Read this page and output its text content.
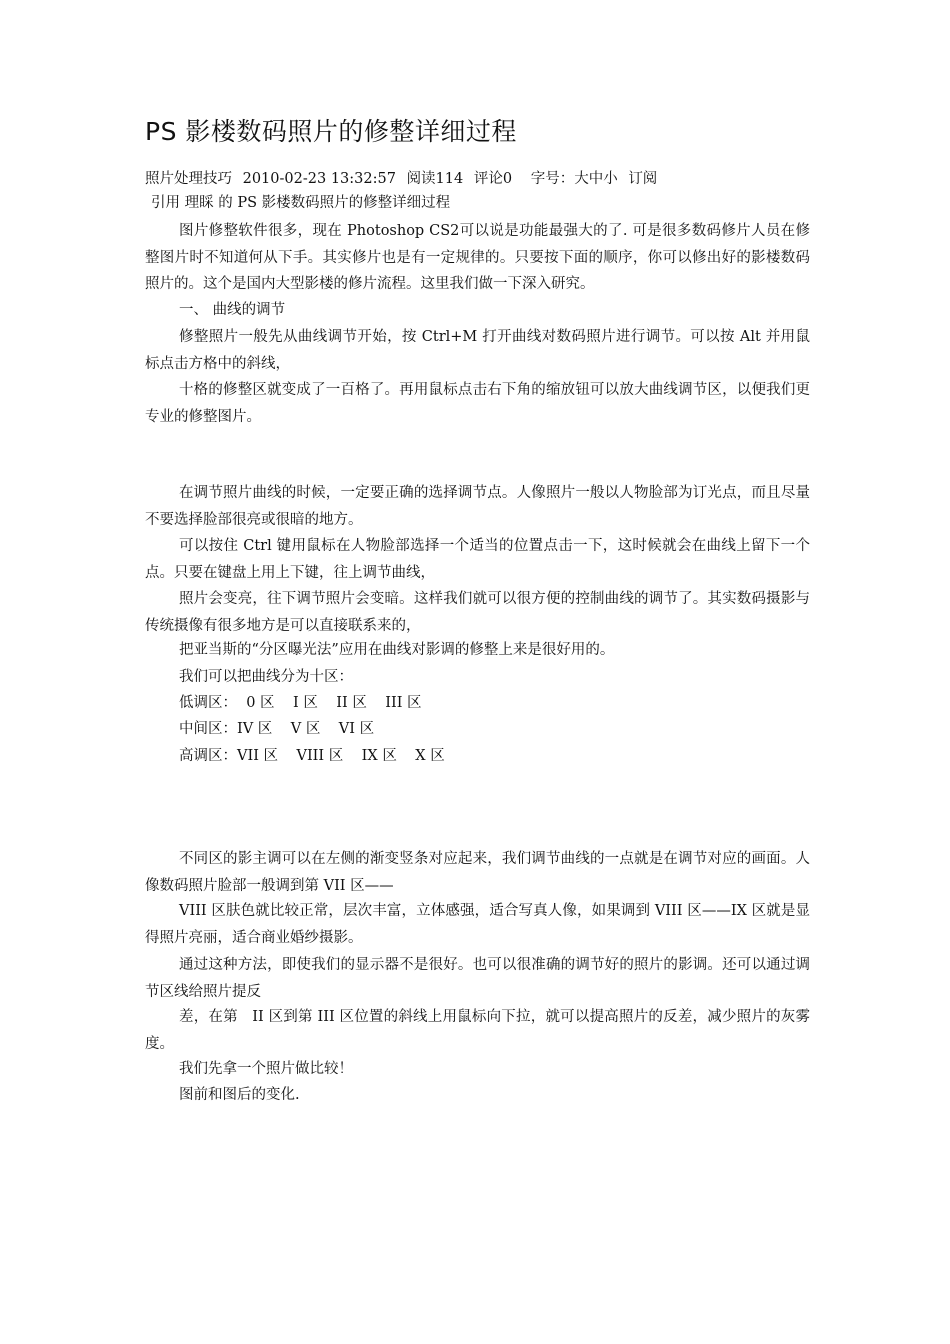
PS 影楼数码照片的修整详细过程
照片处理技巧 2010-02-23 13:32:57 阅读114 评论0 字号：大中小 订阅
引用 理睬 的 PS 影楼数码照片的修整详细过程

图片修整软件很多，现在 Photoshop CS2可以说是功能最强大的了. 可是很多数码修片人员在修整图片时不知道何从下手。其实修片也是有一定规律的。只要按下面的顺序，你可以修出好的影楼数码照片的。这个是国内大型影楼的修片流程。这里我们做一下深入研究。

一、 曲线的调节

修整照片一般先从曲线调节开始，按 Ctrl+M 打开曲线对数码照片进行调节。可以按 Alt 并用鼠标点击方格中的斜线，

十格的修整区就变成了一百格了。再用鼠标点击右下角的缩放钮可以放大曲线调节区，以便我们更专业的修整图片。

在调节照片曲线的时候，一定要正确的选择调节点。人像照片一般以人物脸部为订光点，而且尽量不要选择脸部很亮或很暗的地方。

可以按住 Ctrl 键用鼠标在人物脸部选择一个适当的位置点击一下，这时候就会在曲线上留下一个点。只要在键盘上用上下键，往上调节曲线，

照片会变亮，往下调节照片会变暗。这样我们就可以很方便的控制曲线的调节了。其实数码摄影与传统摄像有很多地方是可以直接联系来的，

把亚当斯的“分区曝光法”应用在曲线对影调的修整上来是很好用的。
我们可以把曲线分为十区：
低调区：  0 区    I 区    II 区    III 区
中间区：IV 区    V 区    VI 区
高调区：VII 区    VIII 区    IX 区    X 区

不同区的影主调可以在左侧的渐变竖条对应起来，我们调节曲线的一点就是在调节对应的画面。人像数码照片脸部一般调到第 VII 区——

VIII 区肤色就比较正常，层次丰富，立体感强，适合写真人像，如果调到 VIII 区——IX 区就是显得照片亮丽，适合商业婚纱摄影。

通过这种方法，即使我们的显示器不是很好。也可以很准确的调节好的照片的影调。还可以通过调节区线给照片提反

差，在第   II 区到第 III 区位置的斜线上用鼠标向下拉，就可以提高照片的反差，减少照片的灰雾度。

我们先拿一个照片做比较！
图前和图后的变化.
